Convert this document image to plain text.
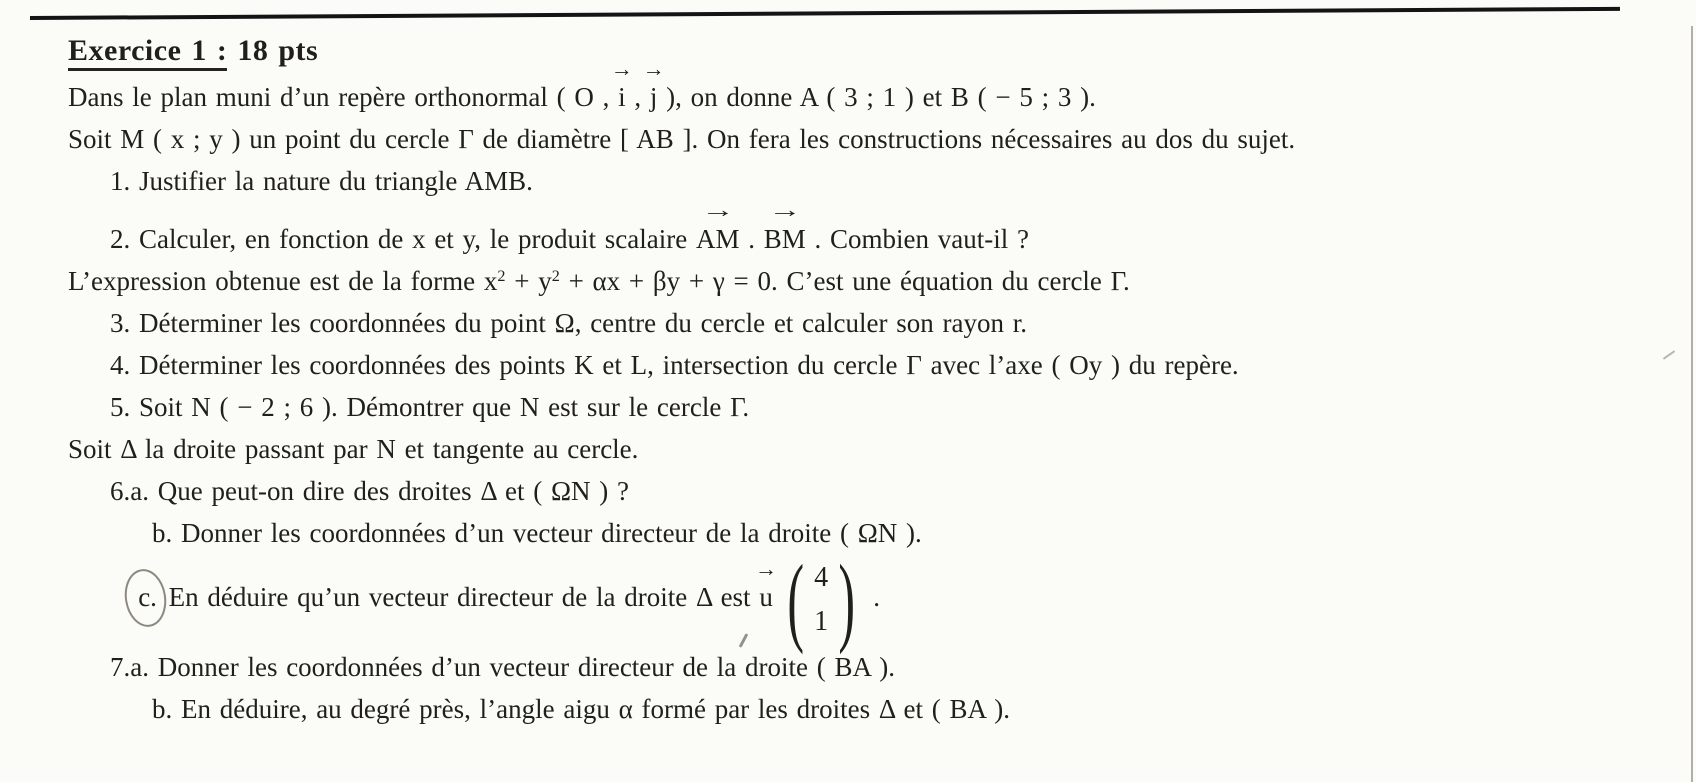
Exercice 1 : 18 pts
Dans le plan muni d’un repère orthonormal ( O , i → , j → ), on donne A ( 3 ; 1 ) et B ( − 5 ; 3 ).
Soit M ( x ; y ) un point du cercle Γ de diamètre [ AB ]. On fera les constructions nécessaires au dos du sujet.
1. Justifier la nature du triangle AMB.
2. Calculer, en fonction de x et y, le produit scalaire AM → . BM → . Combien vaut-il ?
L’expression obtenue est de la forme $x^2 + y^2 + \alpha x + \beta y + \gamma = 0$. C’est une équation du cercle Γ.
3. Déterminer les coordonnées du point Ω, centre du cercle et calculer son rayon r.
4. Déterminer les coordonnées des points K et L, intersection du cercle Γ avec l’axe ( Oy ) du repère.
5. Soit N ( − 2 ; 6 ). Démontrer que N est sur le cercle Γ.
Soit Δ la droite passant par N et tangente au cercle.
6.a. Que peut-on dire des droites Δ et ( ΩN ) ?
b. Donner les coordonnées d’un vecteur directeur de la droite ( ΩN ).
c. En déduire qu’un vecteur directeur de la droite Δ est u → ( 4
1 ) .
7.a. Donner les coordonnées d’un vecteur directeur de la droite ( BA ).
b. En déduire, au degré près, l’angle aigu α formé par les droites Δ et ( BA ).
